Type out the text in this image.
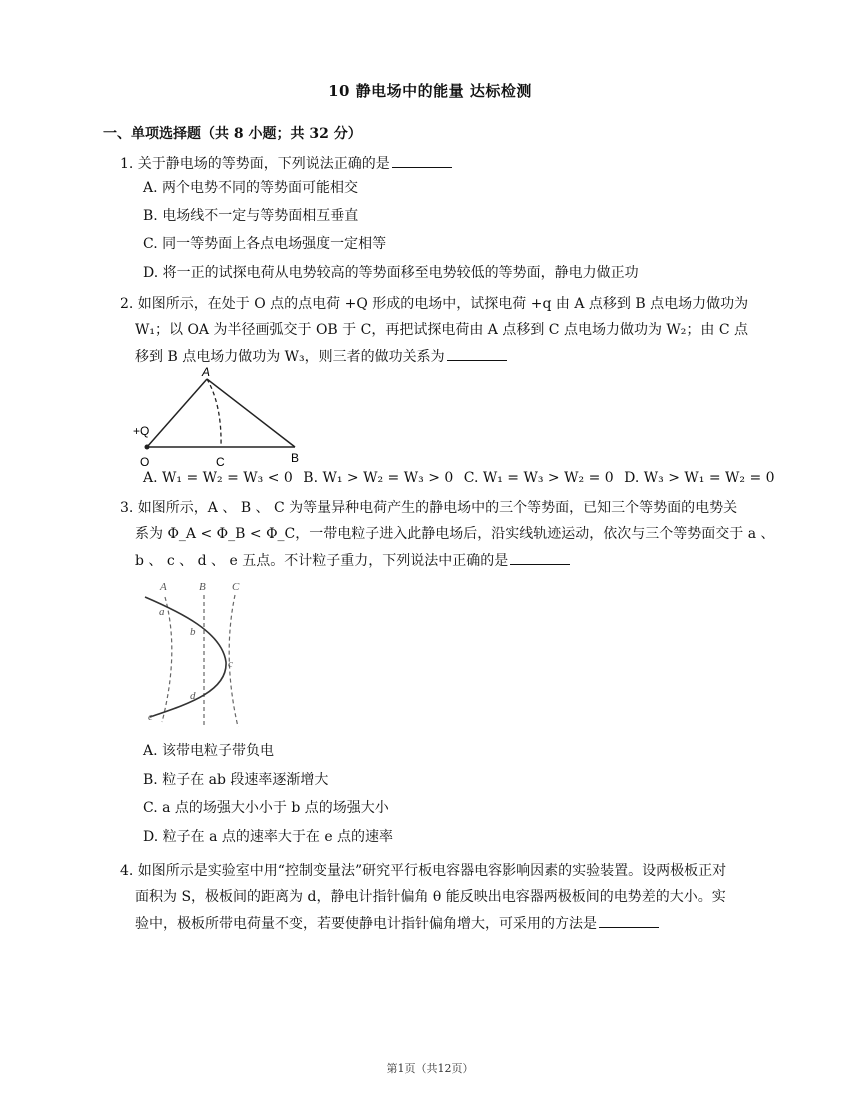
10 静电场中的能量 达标检测
一、单项选择题（共 8 小题；共 32 分）
1. 关于静电场的等势面，下列说法正确的是
A. 两个电势不同的等势面可能相交
B. 电场线不一定与等势面相互垂直
C. 同一等势面上各点电场强度一定相等
D. 将一正的试探电荷从电势较高的等势面移至电势较低的等势面，静电力做正功
2. 如图所示，在处于 O 点的点电荷 +Q 形成的电场中，试探电荷 +q 由 A 点移到 B 点电场力做功为
W₁；以 OA 为半径画弧交于 OB 于 C，再把试探电荷由 A 点移到 C 点电场力做功为 W₂；由 C 点
移到 B 点电场力做功为 W₃，则三者的做功关系为
A
+Q
O	C	B
A. W₁ = W₂ = W₃ < 0 B. W₁ > W₂ = W₃ > 0 C. W₁ = W₃ > W₂ = 0 D. W₃ > W₁ = W₂ = 0
3. 如图所示，A 、 B 、 C 为等量异种电荷产生的静电场中的三个等势面，已知三个等势面的电势关
系为 Φ_A < Φ_B < Φ_C，一带电粒子进入此静电场后，沿实线轨迹运动，依次与三个等势面交于 a 、
b 、 c 、 d 、 e 五点。不计粒子重力，下列说法中正确的是
A	B C
a
b
c
d
e
A. 该带电粒子带负电
B. 粒子在 ab 段速率逐渐增大
C. a 点的场强大小小于 b 点的场强大小
D. 粒子在 a 点的速率大于在 e 点的速率
4. 如图所示是实验室中用“控制变量法”研究平行板电容器电容影响因素的实验装置。设两极板正对
面积为 S，极板间的距离为 d，静电计指针偏角 θ 能反映出电容器两极板间的电势差的大小。实
验中，极板所带电荷量不变，若要使静电计指针偏角增大，可采用的方法是
第1页（共12页）
